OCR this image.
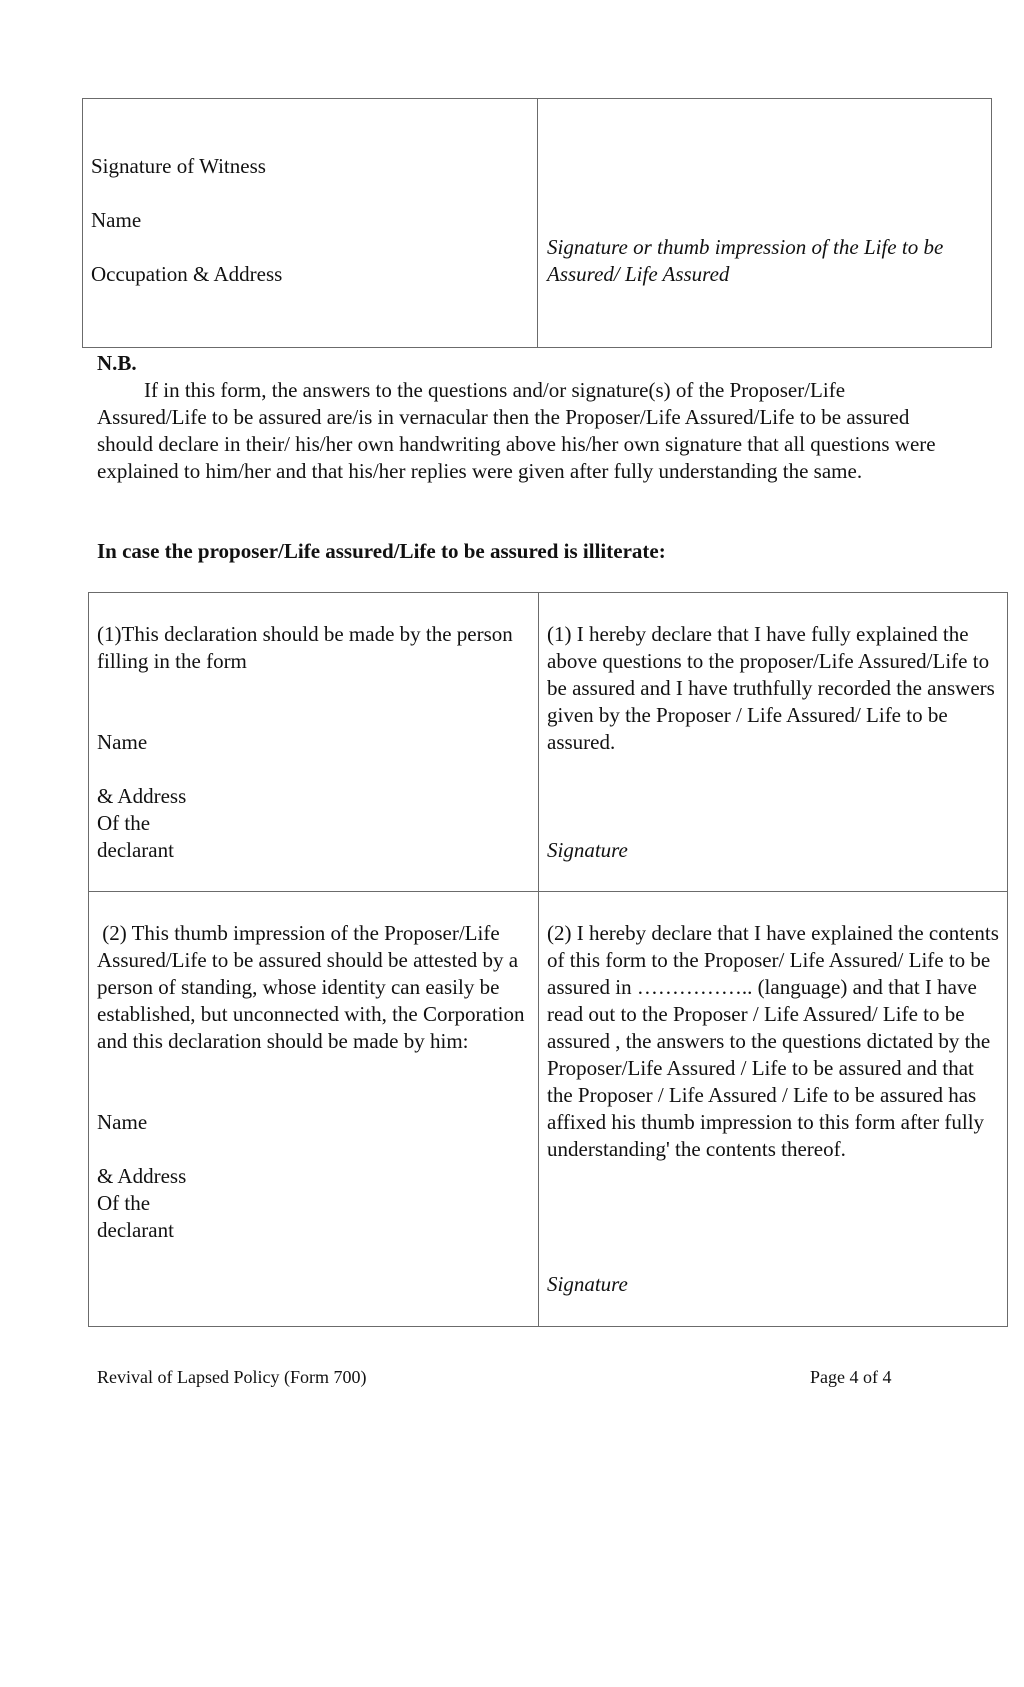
Signature of Witness
Name
Occupation & Address
Signature or thumb impression of the Life to be Assured/ Life Assured
N.B.
If in this form, the answers to the questions and/or signature(s) of the Proposer/Life Assured/Life to be assured are/is in vernacular then the Proposer/Life Assured/Life to be assured should declare in their/ his/her own handwriting above his/her own signature that all questions were explained to him/her and that his/her replies were given after fully understanding the same.
In case the proposer/Life assured/Life to be assured is illiterate:
(1)This declaration should be made by the person filling in the form
Name
& Address
Of the
declarant
(1) I hereby declare that I have fully explained the above questions to the proposer/Life Assured/Life to be assured and I have truthfully recorded the answers given by the Proposer / Life Assured/ Life to be assured.
Signature
(2) This thumb impression of the Proposer/Life Assured/Life to be assured should be attested by a person of standing, whose identity can easily be established, but unconnected with, the Corporation and this declaration should be made by him:
Name
& Address
Of the
declarant
(2) I hereby declare that I have explained the contents of this form to the Proposer/ Life Assured/ Life to be assured in …………….. (language) and that I have read out to the Proposer / Life Assured/ Life to be assured , the answers to the questions dictated by the Proposer/Life Assured / Life to be assured and that the Proposer / Life Assured / Life to be assured has affixed his thumb impression to this form after fully understanding' the contents thereof.
Signature
Revival of Lapsed Policy (Form 700)	Page 4 of 4
